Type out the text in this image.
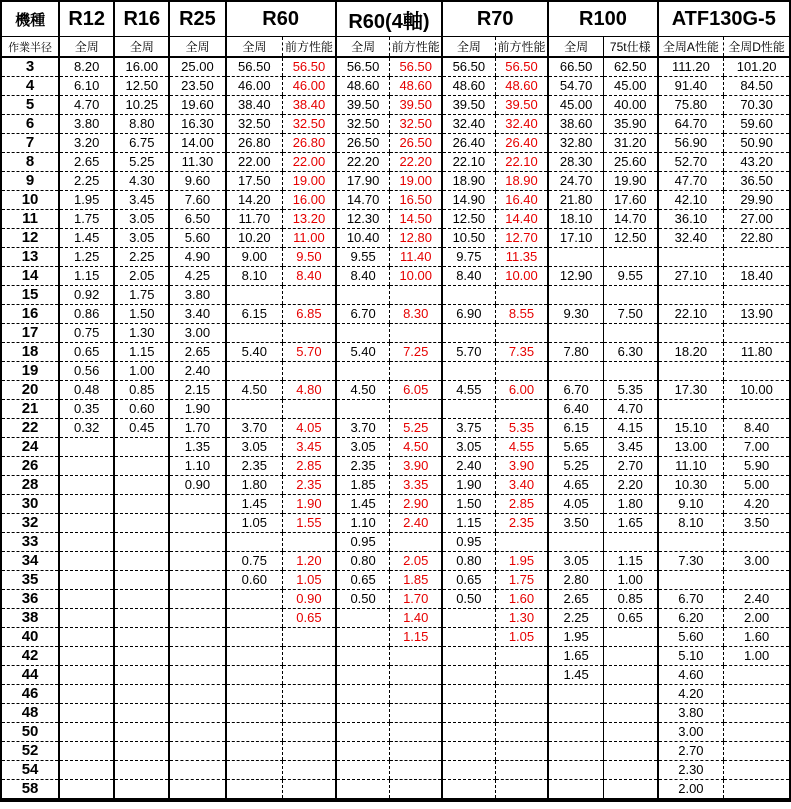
機種	R12	R16	R25	R60		R60(4軸)		R70		R100		ATF130G-5	
作業半径	全周	全周	全周	全周	前方性能	全周	前方性能	全周	前方性能	全周	75t仕様	全周A性能	全周D性能
3	8.20	16.00	25.00	56.50	56.50	56.50	56.50	56.50	56.50	66.50	62.50	111.20	101.20
4	6.10	12.50	23.50	46.00	46.00	48.60	48.60	48.60	48.60	54.70	45.00	91.40	84.50
5	4.70	10.25	19.60	38.40	38.40	39.50	39.50	39.50	39.50	45.00	40.00	75.80	70.30
6	3.80	8.80	16.30	32.50	32.50	32.50	32.50	32.40	32.40	38.60	35.90	64.70	59.60
7	3.20	6.75	14.00	26.80	26.80	26.50	26.50	26.40	26.40	32.80	31.20	56.90	50.90
8	2.65	5.25	11.30	22.00	22.00	22.20	22.20	22.10	22.10	28.30	25.60	52.70	43.20
9	2.25	4.30	9.60	17.50	19.00	17.90	19.00	18.90	18.90	24.70	19.90	47.70	36.50
10	1.95	3.45	7.60	14.20	16.00	14.70	16.50	14.90	16.40	21.80	17.60	42.10	29.90
11	1.75	3.05	6.50	11.70	13.20	12.30	14.50	12.50	14.40	18.10	14.70	36.10	27.00
12	1.45	3.05	5.60	10.20	11.00	10.40	12.80	10.50	12.70	17.10	12.50	32.40	22.80
13	1.25	2.25	4.90	9.00	9.50	9.55	11.40	9.75	11.35				
14	1.15	2.05	4.25	8.10	8.40	8.40	10.00	8.40	10.00	12.90	9.55	27.10	18.40
15	0.92	1.75	3.80										
16	0.86	1.50	3.40	6.15	6.85	6.70	8.30	6.90	8.55	9.30	7.50	22.10	13.90
17	0.75	1.30	3.00										
18	0.65	1.15	2.65	5.40	5.70	5.40	7.25	5.70	7.35	7.80	6.30	18.20	11.80
19	0.56	1.00	2.40										
20	0.48	0.85	2.15	4.50	4.80	4.50	6.05	4.55	6.00	6.70	5.35	17.30	10.00
21	0.35	0.60	1.90							6.40	4.70		
22	0.32	0.45	1.70	3.70	4.05	3.70	5.25	3.75	5.35	6.15	4.15	15.10	8.40
24			1.35	3.05	3.45	3.05	4.50	3.05	4.55	5.65	3.45	13.00	7.00
26			1.10	2.35	2.85	2.35	3.90	2.40	3.90	5.25	2.70	11.10	5.90
28			0.90	1.80	2.35	1.85	3.35	1.90	3.40	4.65	2.20	10.30	5.00
30				1.45	1.90	1.45	2.90	1.50	2.85	4.05	1.80	9.10	4.20
32				1.05	1.55	1.10	2.40	1.15	2.35	3.50	1.65	8.10	3.50
33						0.95		0.95					
34				0.75	1.20	0.80	2.05	0.80	1.95	3.05	1.15	7.30	3.00
35				0.60	1.05	0.65	1.85	0.65	1.75	2.80	1.00		
36					0.90	0.50	1.70	0.50	1.60	2.65	0.85	6.70	2.40
38					0.65		1.40		1.30	2.25	0.65	6.20	2.00
40							1.15		1.05	1.95		5.60	1.60
42										1.65		5.10	1.00
44										1.45		4.60	
46												4.20	
48												3.80	
50												3.00	
52												2.70	
54												2.30	
58												2.00	
